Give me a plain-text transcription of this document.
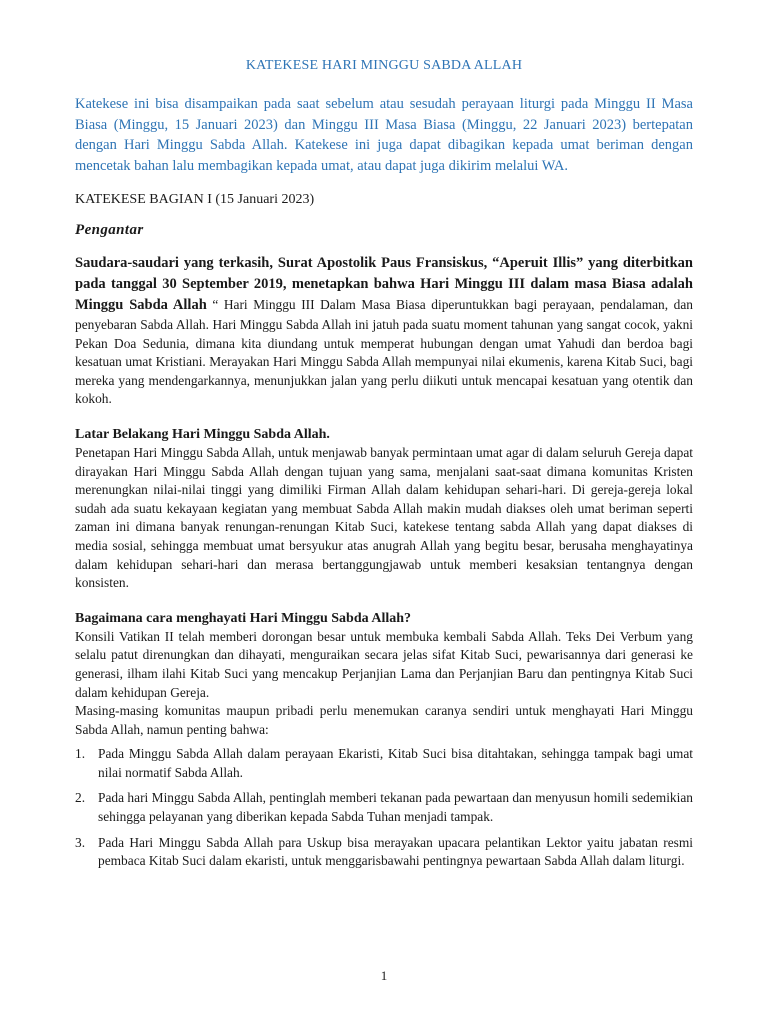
KATEKESE HARI MINGGU SABDA ALLAH

Katekese ini bisa disampaikan pada saat sebelum atau sesudah perayaan liturgi pada Minggu II Masa Biasa (Minggu, 15 Januari 2023) dan Minggu III Masa Biasa (Minggu, 22 Januari 2023) bertepatan dengan Hari Minggu Sabda Allah. Katekese ini juga dapat dibagikan kepada umat beriman dengan mencetak bahan lalu membagikan kepada umat, atau dapat juga dikirim melalui WA.

KATEKESE BAGIAN I (15 Januari 2023)

Pengantar

Saudara-saudari yang terkasih, Surat Apostolik Paus Fransiskus, “Aperuit Illis” yang diterbitkan pada tanggal 30 September 2019, menetapkan bahwa Hari Minggu III dalam masa Biasa adalah Minggu Sabda Allah “ Hari Minggu III Dalam Masa Biasa diperuntukkan bagi perayaan, pendalaman, dan penyebaran Sabda Allah. Hari Minggu Sabda Allah ini jatuh pada suatu moment tahunan yang sangat cocok, yakni Pekan Doa Sedunia, dimana kita diundang untuk memperat hubungan dengan umat Yahudi dan berdoa bagi kesatuan umat Kristiani. Merayakan Hari Minggu Sabda Allah mempunyai nilai ekumenis, karena Kitab Suci, bagi mereka yang mendengarkannya, menunjukkan jalan yang perlu diikuti untuk mencapai kesatuan yang otentik dan kokoh.

Latar Belakang Hari Minggu Sabda Allah.

Penetapan Hari Minggu Sabda Allah, untuk menjawab banyak permintaan umat agar di dalam seluruh Gereja dapat dirayakan Hari Minggu Sabda Allah dengan tujuan yang sama, menjalani saat-saat dimana komunitas Kristen merenungkan nilai-nilai tinggi yang dimiliki Firman Allah dalam kehidupan sehari-hari. Di gereja-gereja lokal sudah ada suatu kekayaan kegiatan yang membuat Sabda Allah makin mudah diakses oleh umat beriman seperti zaman ini dimana banyak renungan-renungan Kitab Suci, katekese tentang sabda Allah yang dapat diakses di media sosial, sehingga membuat umat bersyukur atas anugrah Allah yang begitu besar, berusaha menghayatinya dalam kehidupan sehari-hari dan merasa bertanggungjawab untuk memberi kesaksian tentangnya dengan konsisten.

Bagaimana cara menghayati Hari Minggu Sabda Allah?

Konsili Vatikan II telah memberi dorongan besar untuk membuka kembali Sabda Allah. Teks Dei Verbum yang selalu patut direnungkan dan dihayati, menguraikan secara jelas sifat Kitab Suci, pewarisannya dari generasi ke generasi, ilham ilahi Kitab Suci yang mencakup Perjanjian Lama dan Perjanjian Baru dan pentingnya Kitab Suci dalam kehidupan Gereja.

Masing-masing komunitas maupun pribadi perlu menemukan caranya sendiri untuk menghayati Hari Minggu Sabda Allah, namun penting bahwa:

1. Pada Minggu Sabda Allah dalam perayaan Ekaristi, Kitab Suci bisa ditahtakan, sehingga tampak bagi umat nilai normatif Sabda Allah.
2. Pada hari Minggu Sabda Allah, pentinglah memberi tekanan pada pewartaan dan menyusun homili sedemikian sehingga pelayanan yang diberikan kepada Sabda Tuhan menjadi tampak.
3. Pada Hari Minggu Sabda Allah para Uskup bisa merayakan upacara pelantikan Lektor yaitu jabatan resmi pembaca Kitab Suci dalam ekaristi, untuk menggarisbawahi pentingnya pewartaan Sabda Allah dalam liturgi.
1
